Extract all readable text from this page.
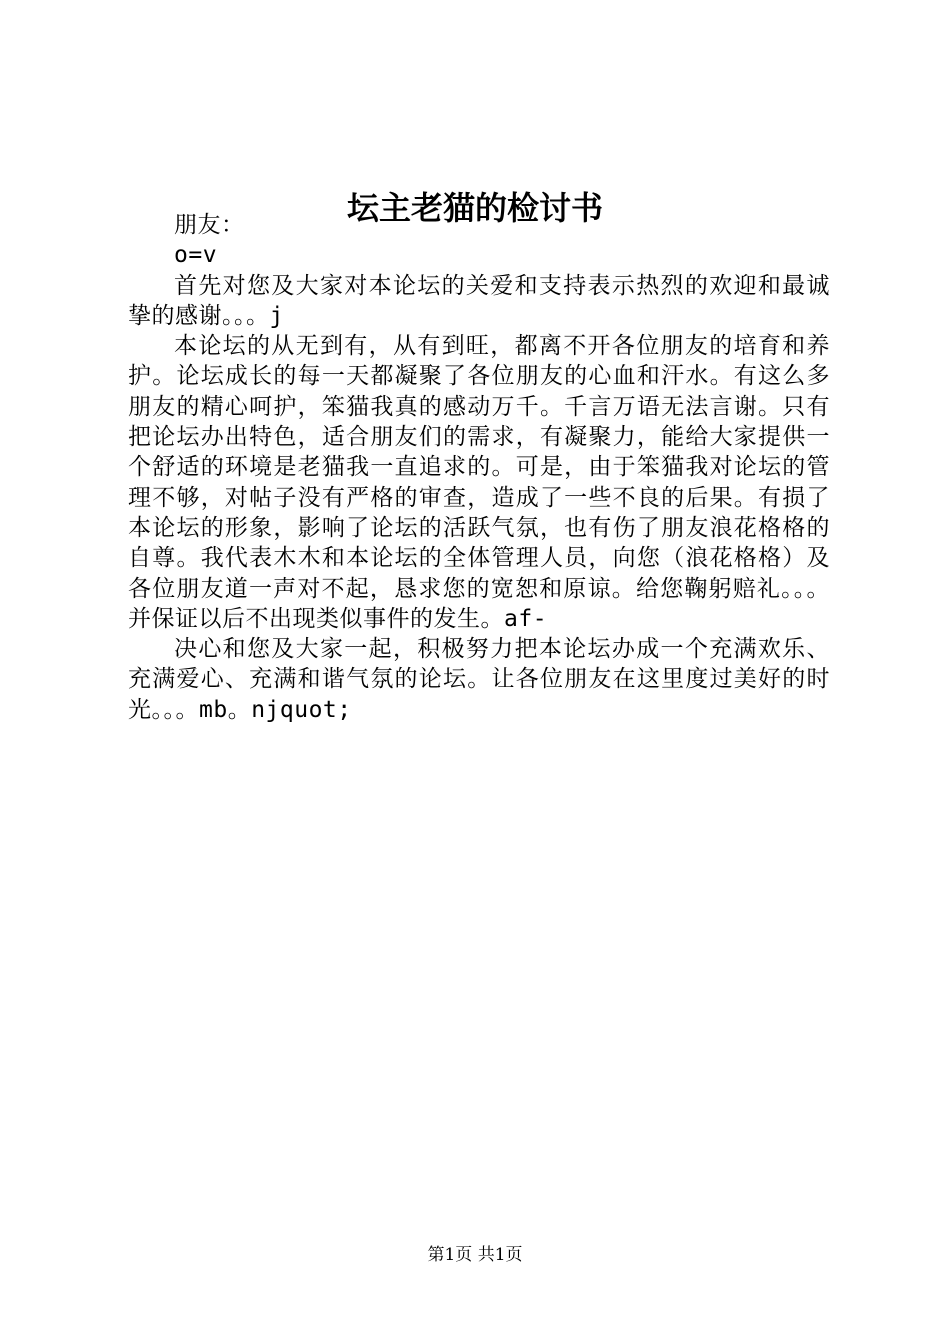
坛主老猫的检讨书

朋友：

o=v

首先对您及大家对本论坛的关爱和支持表示热烈的欢迎和最诚挚的感谢。。。j

本论坛的从无到有，从有到旺，都离不开各位朋友的培育和养护。论坛成长的每一天都凝聚了各位朋友的心血和汗水。有这么多朋友的精心呵护，笨猫我真的感动万千。千言万语无法言谢。只有把论坛办出特色，适合朋友们的需求，有凝聚力，能给大家提供一个舒适的环境是老猫我一直追求的。可是，由于笨猫我对论坛的管理不够，对帖子没有严格的审查，造成了一些不良的后果。有损了本论坛的形象，影响了论坛的活跃气氛，也有伤了朋友浪花格格的自尊。我代表木木和本论坛的全体管理人员，向您（浪花格格）及各位朋友道一声对不起，恳求您的宽恕和原谅。给您鞠躬赔礼。。。并保证以后不出现类似事件的发生。af-

决心和您及大家一起，积极努力把本论坛办成一个充满欢乐、充满爱心、充满和谐气氛的论坛。让各位朋友在这里度过美好的时光。。。mb。njquot;

第1页 共1页
